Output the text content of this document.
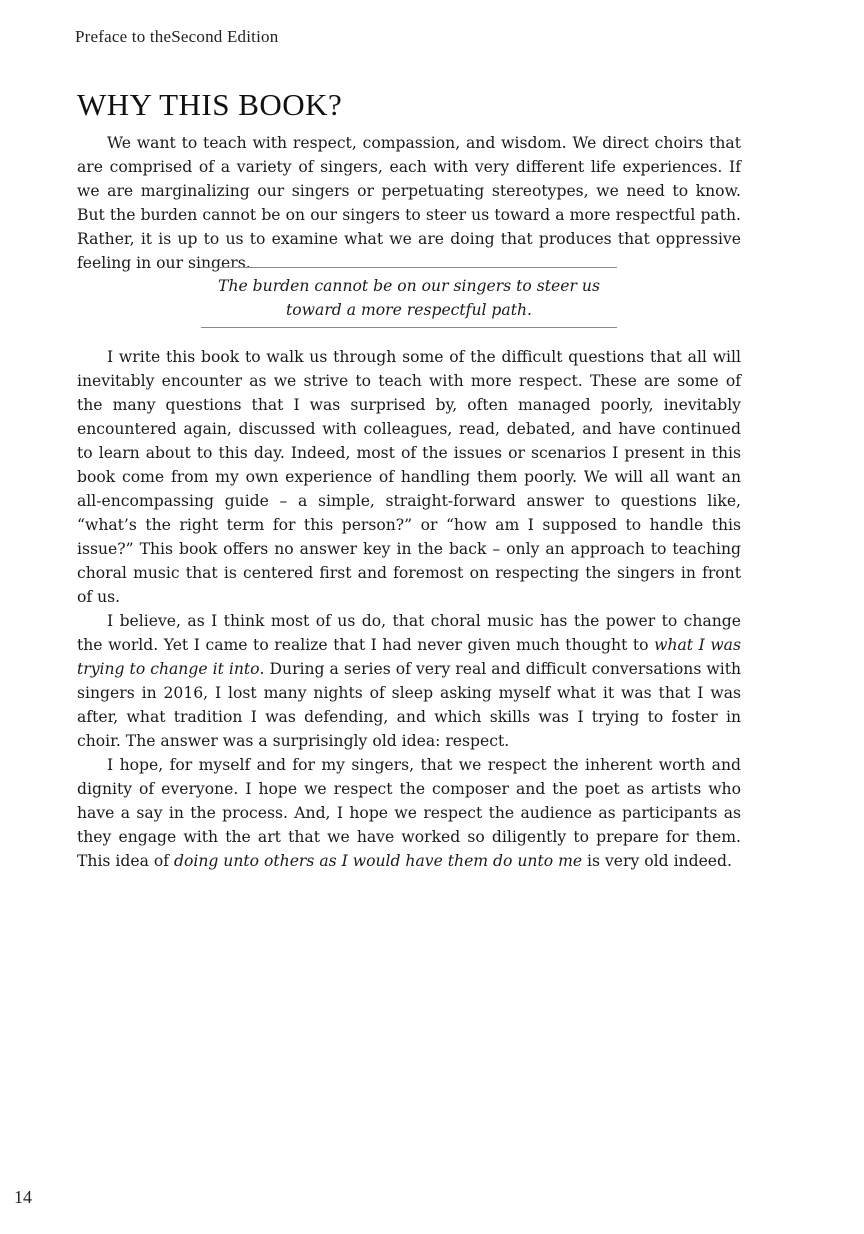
Preface to theSecond Edition
WHY THIS BOOK?

We want to teach with respect, compassion, and wisdom. We direct choirs that are comprised of a variety of singers, each with very different life experiences. If we are marginalizing our singers or perpetuating stereotypes, we need to know. But the burden cannot be on our singers to steer us toward a more respectful path. Rather, it is up to us to examine what we are doing that produces that oppressive feeling in our singers.

The burden cannot be on our singers to steer us
toward a more respectful path.

I write this book to walk us through some of the difficult questions that all will inevitably encounter as we strive to teach with more respect. These are some of the many questions that I was surprised by, often managed poorly, inevitably encountered again, discussed with colleagues, read, debated, and have continued to learn about to this day. Indeed, most of the issues or scenarios I present in this book come from my own experience of handling them poorly. We will all want an all-encompassing guide – a simple, straight-forward answer to questions like, “what’s the right term for this person?” or “how am I supposed to handle this issue?” This book offers no answer key in the back – only an approach to teaching choral music that is centered first and foremost on respecting the singers in front of us.

I believe, as I think most of us do, that choral music has the power to change the world. Yet I came to realize that I had never given much thought to what I was trying to change it into. During a series of very real and difficult conversations with singers in 2016, I lost many nights of sleep asking myself what it was that I was after, what tradition I was defending, and which skills was I trying to foster in choir. The answer was a surprisingly old idea: respect.

I hope, for myself and for my singers, that we respect the inherent worth and dignity of everyone. I hope we respect the composer and the poet as artists who have a say in the process. And, I hope we respect the audience as participants as they engage with the art that we have worked so diligently to prepare for them. This idea of doing unto others as I would have them do unto me is very old indeed.

14
